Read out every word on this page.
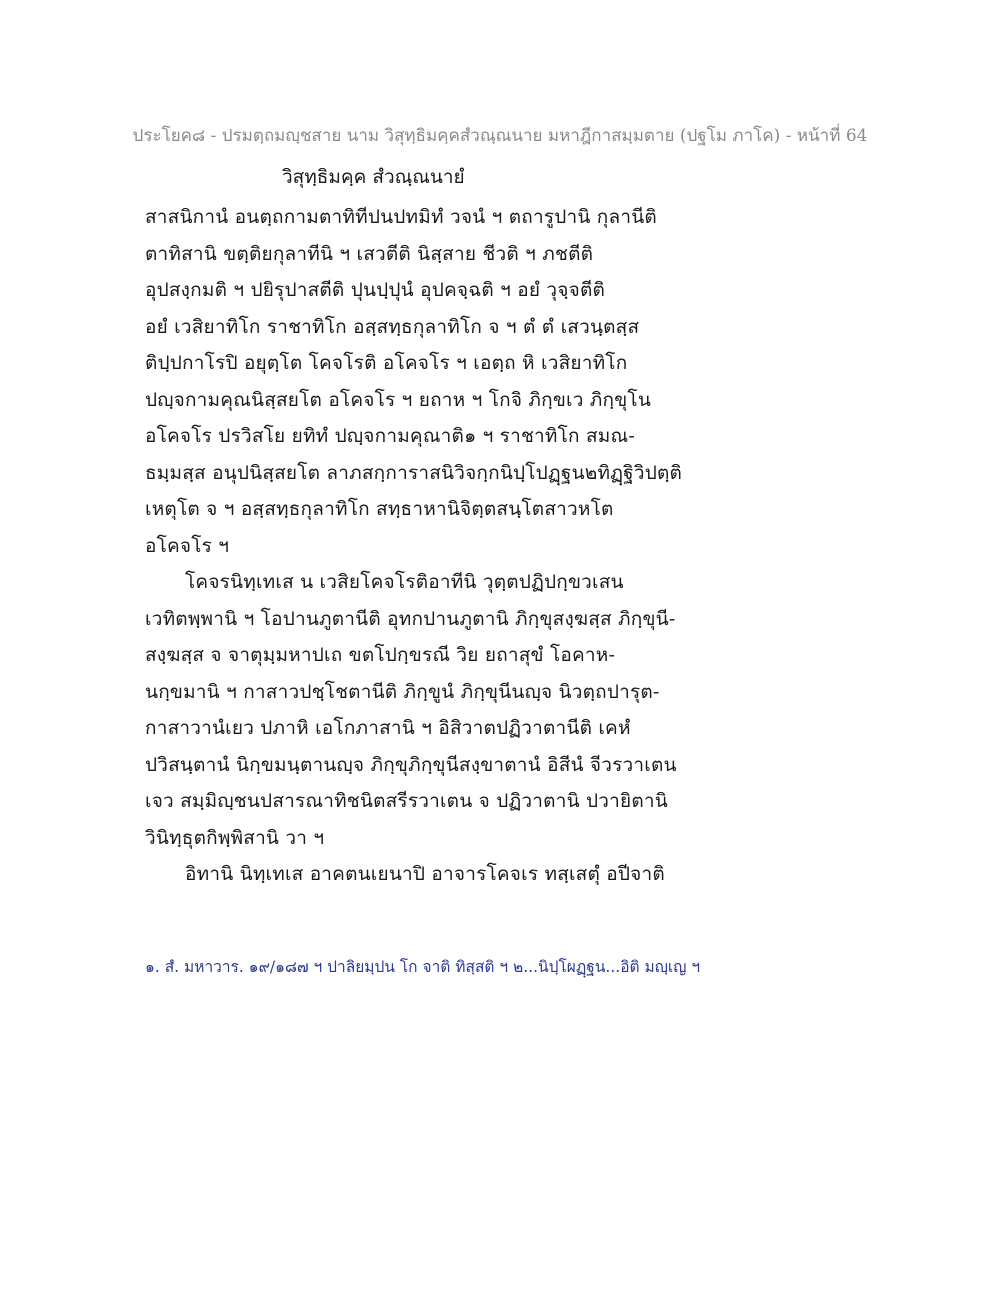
ประโยค๘ - ปรมตฺถมญฺชสาย นาม วิสุทฺธิมคฺคสํวณฺณนาย มหาฎีกาสมฺมตาย (ปฐโม ภาโค) - หน้าที่ 64
วิสุทฺธิมคฺค สํวณฺณนายํ
สาสนิกานํ อนตฺถกามตาทิทีปนปทมิทํ วจนํ ฯ ตถารูปานิ กุลานีติ
ตาทิสานิ ขตฺติยกุลาทีนิ ฯ เสวตีติ นิสฺสาย ชีวติ ฯ ภชตีติ
อุปสงฺกมติ ฯ ปยิรุปาสตีติ ปุนปฺปุนํ อุปคจฺฉติ ฯ อยํ วุจฺจตีติ
อยํ เวสิยาทิโก ราชาทิโก อสฺสทฺธกุลาทิโก จ ฯ ตํ ตํ เสวนฺตสฺส
ติปฺปกาโรปิ อยุตฺโต โคจโรติ อโคจโร ฯ เอตฺถ หิ เวสิยาทิโก
ปญฺจกามคุณนิสฺสยโต อโคจโร ฯ ยถาห ฯ โกจิ ภิกฺขเว ภิกฺขุโน
อโคจโร ปรวิสโย ยทิทํ ปญฺจกามคุณาติ๑ ฯ ราชาทิโก สมณ-
ธมฺมสฺส อนุปนิสฺสยโต ลาภสกฺการาสนิวิจกฺกนิปฺโปฏฺฐน๒ทิฏฺฐิวิปตฺติ
เหตุโต จ ฯ อสฺสทฺธกุลาทิโก สทฺธาหานิจิตฺตสนฺโตสาวหโต
อโคจโร ฯ
โคจรนิทฺเทเส น เวสิยโคจโรติอาทีนิ วุตฺตปฏิปกฺขวเสน
เวทิตพฺพานิ ฯ โอปานภูตานีติ อุทกปานภูตานิ ภิกฺขุสงฺฆสฺส ภิกฺขุนี-
สงฺฆสฺส จ จาตุมฺมหาปเถ ขตโปกฺขรณี วิย ยถาสุขํ โอคาห-
นกฺขมานิ ฯ กาสาวปชฺโชตานีติ ภิกฺขูนํ ภิกฺขุนีนญฺจ นิวตฺถปารุต-
กาสาวานํเยว ปภาหิ เอโกภาสานิ ฯ อิสิวาตปฏิวาตานีติ เคหํ
ปวิสนฺตานํ นิกฺขมนฺตานญฺจ ภิกฺขุภิกฺขุนีสงฺขาตานํ อิสีนํ จีวรวาเตน
เจว สมฺมิญฺชนปสารณาทิชนิตสรีรวาเตน จ ปฏิวาตานิ ปวายิตานิ
วินิทฺธุตกิพฺพิสานิ วา ฯ
อิทานิ นิทฺเทเส อาคตนเยนาปิ อาจารโคจเร ทสฺเสตุํ อปีจาติ
๑. สํ. มหาวาร. ๑๙/๑๘๗ ฯ ปาลิยมฺปน โก จาติ ทิสฺสติ ฯ ๒...นิปฺโผฏฺฐน...อิติ มญฺเญ ฯ
